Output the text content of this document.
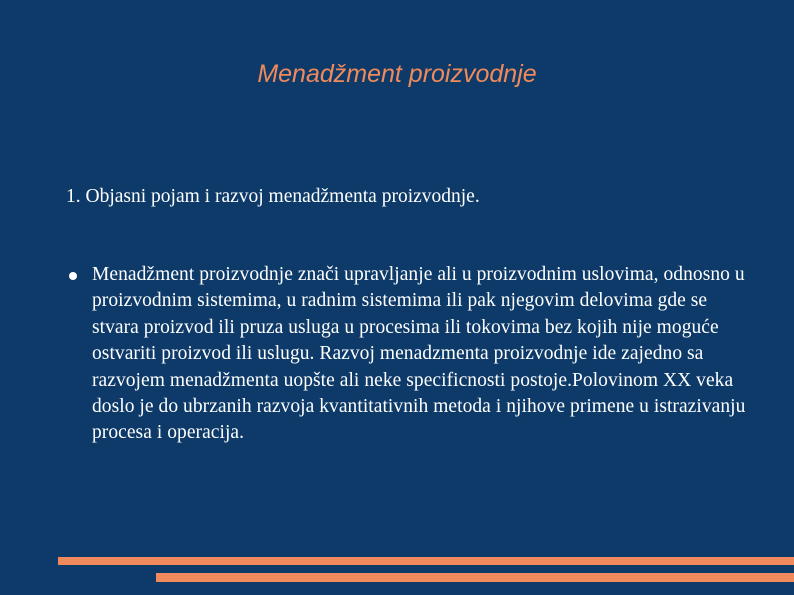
Menadžment proizvodnje
1. Objasni pojam i razvoj menadžmenta proizvodnje.
Menadžment proizvodnje znači upravljanje ali u proizvodnim uslovima, odnosno u proizvodnim sistemima, u radnim sistemima ili pak njegovim delovima gde se stvara proizvod ili pruza usluga u procesima ili tokovima bez kojih nije moguće ostvariti proizvod ili uslugu. Razvoj menadzmenta proizvodnje ide zajedno sa razvojem menadžmenta uopšte ali neke specificnosti postoje.Polovinom XX veka doslo je do ubrzanih razvoja kvantitativnih metoda i njihove primene u istrazivanju procesa i operacija.
